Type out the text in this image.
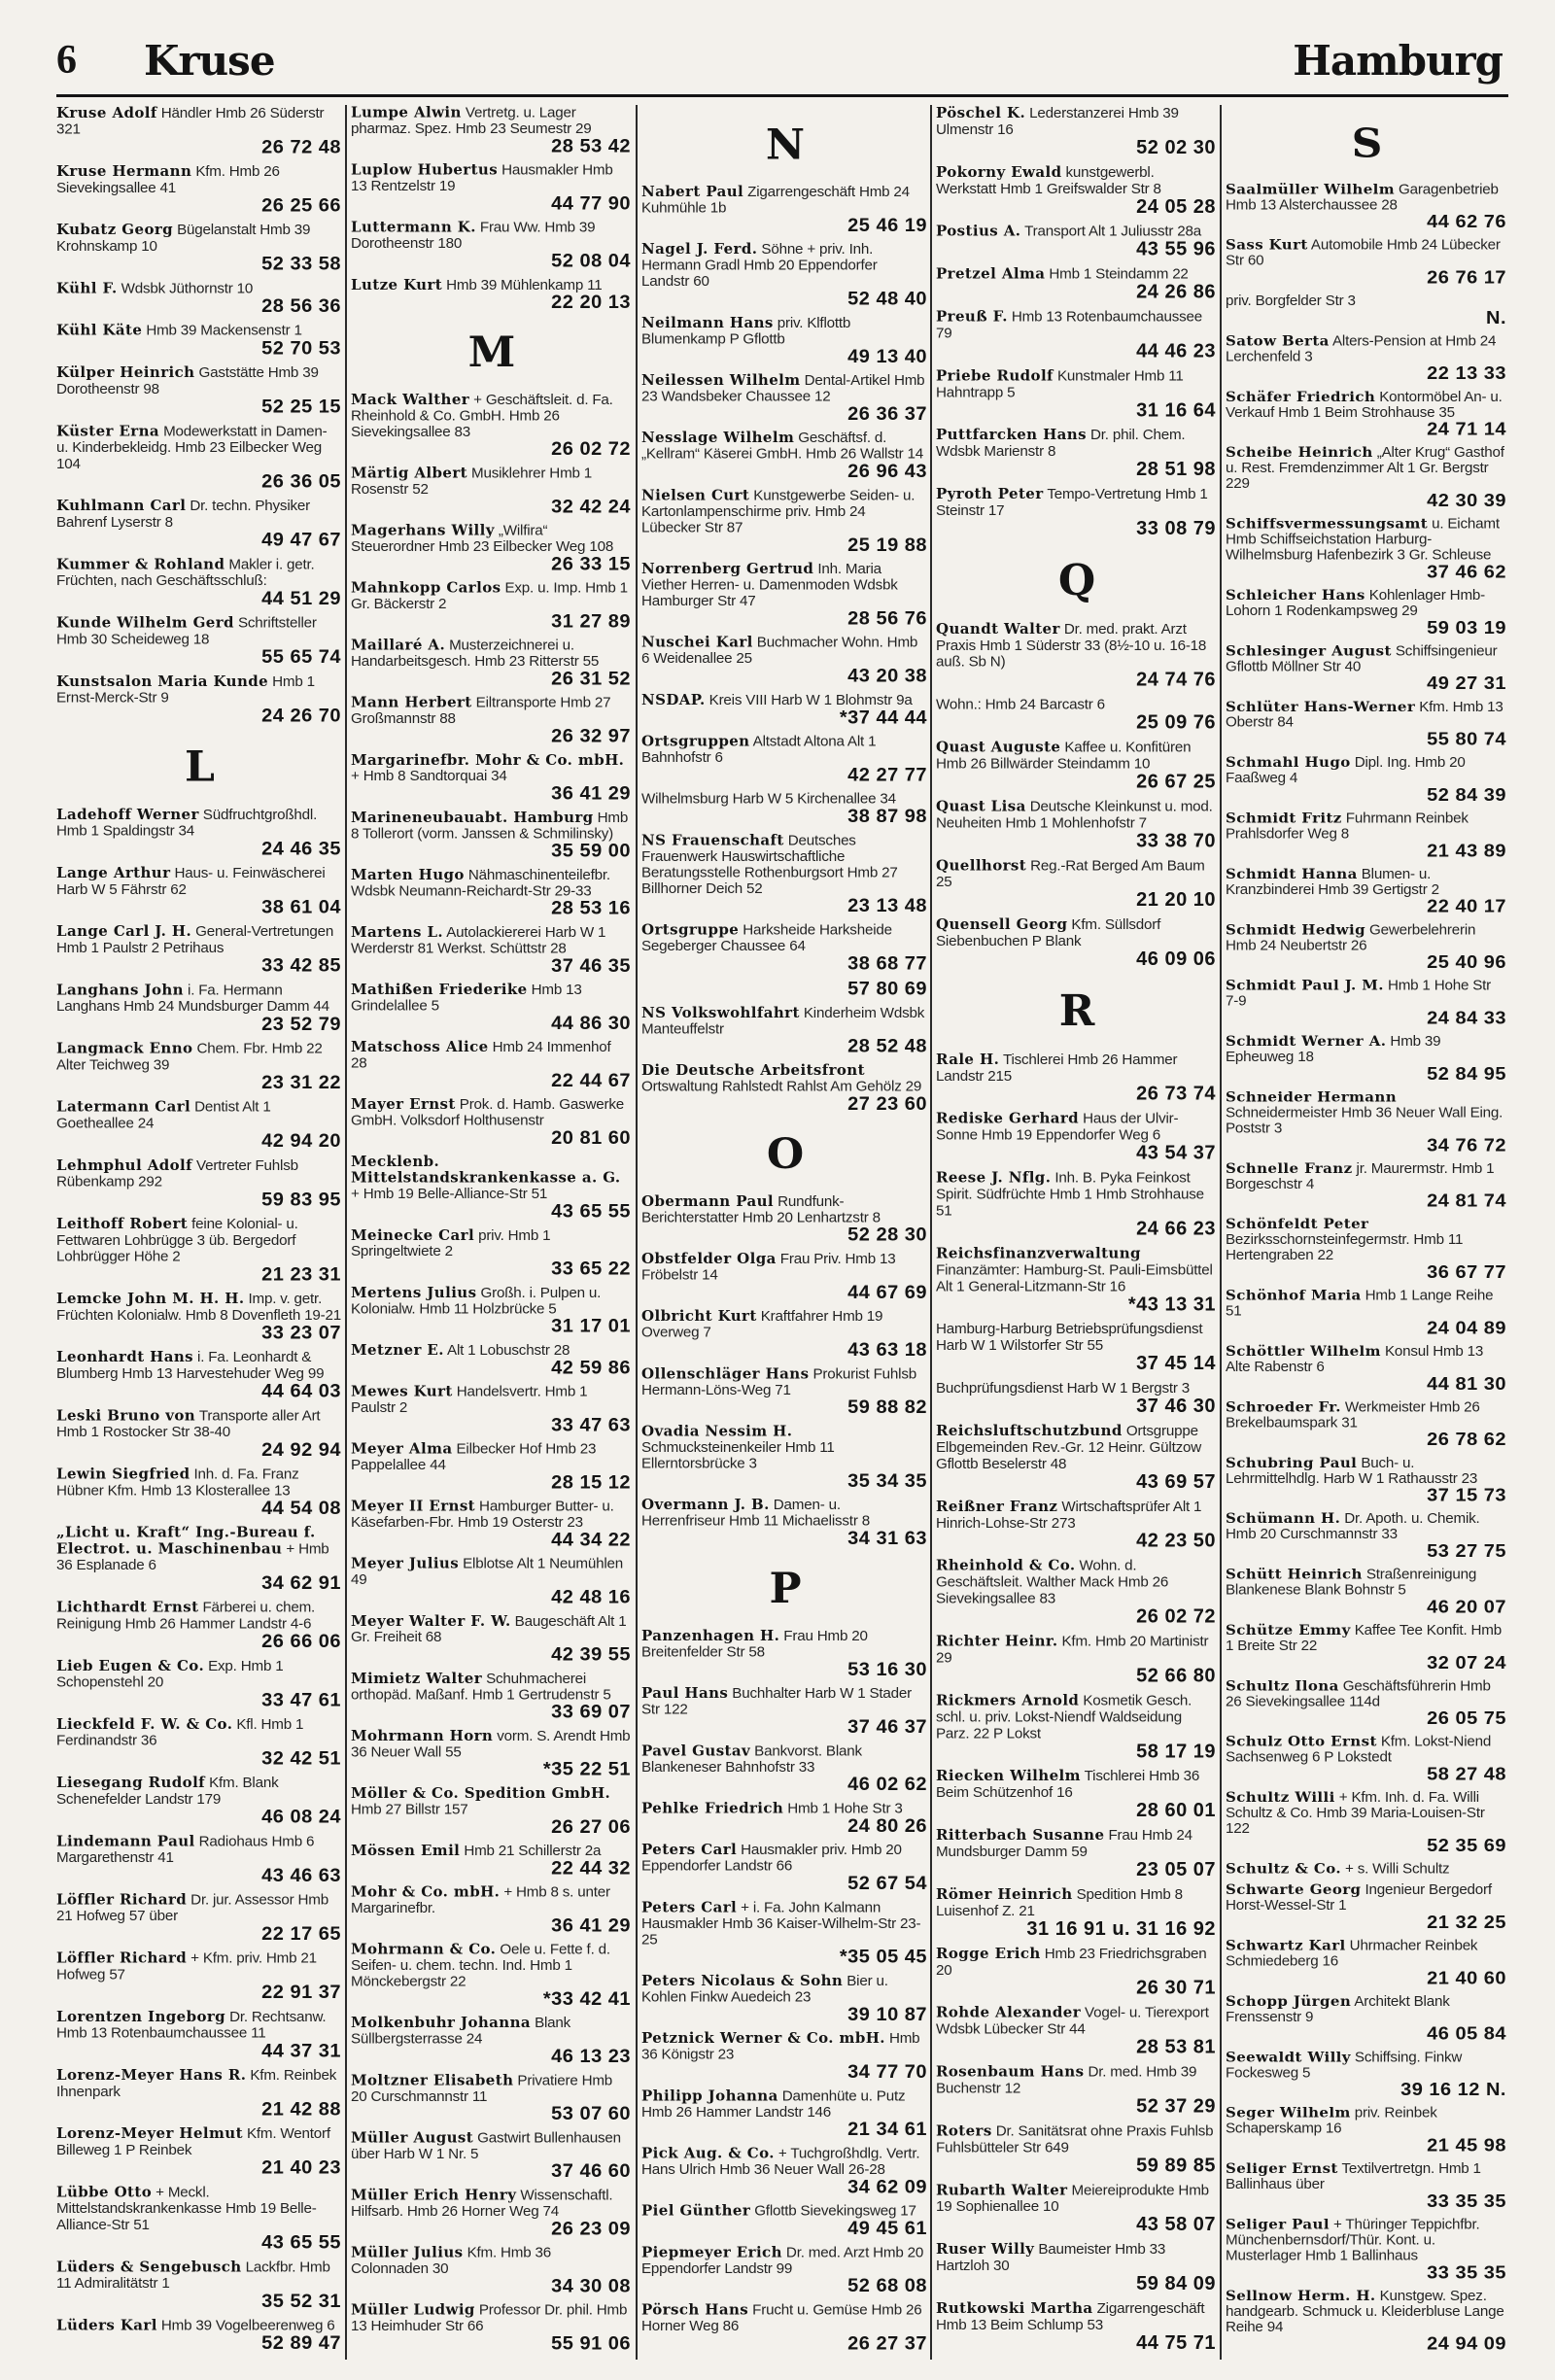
6 Kruse	Hamburg
Kruse Adolf Händler Hmb 26 Süderstr 321
26 72 48
Kruse Hermann Kfm. Hmb 26 Sievekingsallee 41
26 25 66
Kubatz Georg Bügelanstalt Hmb 39 Krohnskamp 10
52 33 58
Kühl F. Wdsbk Jüthornstr 10
28 56 36
Kühl Käte Hmb 39 Mackensenstr 1
52 70 53
Külper Heinrich Gaststätte Hmb 39 Dorotheenstr 98
52 25 15
Küster Erna Modewerkstatt in Damen- u. Kinderbekleidg. Hmb 23 Eilbecker Weg 104
26 36 05
Kuhlmann Carl Dr. techn. Physiker Bahrenf Lyserstr 8
49 47 67
Kummer & Rohland Makler i. getr. Früchten, nach Geschäftsschluß:
44 51 29
Kunde Wilhelm Gerd Schriftsteller Hmb 30 Scheideweg 18
55 65 74
Kunstsalon Maria Kunde Hmb 1 Ernst-Merck-Str 9
24 26 70
L
Ladehoff Werner Südfruchtgroßhdl. Hmb 1 Spaldingstr 34
24 46 35
Lange Arthur Haus- u. Feinwäscherei Harb W 5 Fährstr 62
38 61 04
Lange Carl J. H. General-Vertretungen Hmb 1 Paulstr 2 Petrihaus
33 42 85
Langhans John i. Fa. Hermann Langhans Hmb 24 Mundsburger Damm 44
23 52 79
Langmack Enno Chem. Fbr. Hmb 22 Alter Teichweg 39
23 31 22
Latermann Carl Dentist Alt 1 Goetheallee 24
42 94 20
Lehmphul Adolf Vertreter Fuhlsb Rübenkamp 292
59 83 95
Leithoff Robert feine Kolonial- u. Fettwaren Lohbrügge 3 üb. Bergedorf Lohbrügger Höhe 2
21 23 31
Lemcke John M. H. H. Imp. v. getr. Früchten Kolonialw. Hmb 8 Dovenfleth 19-21
33 23 07
Leonhardt Hans i. Fa. Leonhardt & Blumberg Hmb 13 Harvestehuder Weg 99
44 64 03
Leski Bruno von Transporte aller Art Hmb 1 Rostocker Str 38-40
24 92 94
Lewin Siegfried Inh. d. Fa. Franz Hübner Kfm. Hmb 13 Klosterallee 13
44 54 08
„Licht u. Kraft“ Ing.-Bureau f. Electrot. u. Maschinenbau + Hmb 36 Esplanade 6
34 62 91
Lichthardt Ernst Färberei u. chem. Reinigung Hmb 26 Hammer Landstr 4-6
26 66 06
Lieb Eugen & Co. Exp. Hmb 1 Schopenstehl 20
33 47 61
Lieckfeld F. W. & Co. Kfl. Hmb 1 Ferdinandstr 36
32 42 51
Liesegang Rudolf Kfm. Blank Schenefelder Landstr 179
46 08 24
Lindemann Paul Radiohaus Hmb 6 Margarethenstr 41
43 46 63
Löffler Richard Dr. jur. Assessor Hmb 21 Hofweg 57 über
22 17 65
Löffler Richard + Kfm. priv. Hmb 21 Hofweg 57
22 91 37
Lorentzen Ingeborg Dr. Rechtsanw. Hmb 13 Rotenbaumchaussee 11
44 37 31
Lorenz-Meyer Hans R. Kfm. Reinbek Ihnenpark
21 42 88
Lorenz-Meyer Helmut Kfm. Wentorf Billeweg 1 P Reinbek
21 40 23
Lübbe Otto + Meckl. Mittelstandskrankenkasse Hmb 19 Belle-Alliance-Str 51
43 65 55
Lüders & Sengebusch Lackfbr. Hmb 11 Admiralitätstr 1
35 52 31
Lüders Karl Hmb 39 Vogelbeerenweg 6
52 89 47
Lumpe Alwin Vertretg. u. Lager pharmaz. Spez. Hmb 23 Seumestr 29
28 53 42
Luplow Hubertus Hausmakler Hmb 13 Rentzelstr 19
44 77 90
Luttermann K. Frau Ww. Hmb 39 Dorotheenstr 180
52 08 04
Lutze Kurt Hmb 39 Mühlenkamp 11
22 20 13
M
Mack Walther + Geschäftsleit. d. Fa. Rheinhold & Co. GmbH. Hmb 26 Sievekingsallee 83
26 02 72
Märtig Albert Musiklehrer Hmb 1 Rosenstr 52
32 42 24
Magerhans Willy „Wilfira“ Steuerordner Hmb 23 Eilbecker Weg 108
26 33 15
Mahnkopp Carlos Exp. u. Imp. Hmb 1 Gr. Bäckerstr 2
31 27 89
Maillaré A. Musterzeichnerei u. Handarbeitsgesch. Hmb 23 Ritterstr 55
26 31 52
Mann Herbert Eiltransporte Hmb 27 Großmannstr 88
26 32 97
Margarinefbr. Mohr & Co. mbH. + Hmb 8 Sandtorquai 34
36 41 29
Marineneubauabt. Hamburg Hmb 8 Tollerort (vorm. Janssen & Schmilinsky)
35 59 00
Marten Hugo Nähmaschinenteilefbr. Wdsbk Neumann-Reichardt-Str 29-33
28 53 16
Martens L. Autolackiererei Harb W 1 Werderstr 81 Werkst. Schüttstr 28
37 46 35
Mathißen Friederike Hmb 13 Grindelallee 5
44 86 30
Matschoss Alice Hmb 24 Immenhof 28
22 44 67
Mayer Ernst Prok. d. Hamb. Gaswerke GmbH. Volksdorf Holthusenstr
20 81 60
Mecklenb. Mittelstandskrankenkasse a. G. + Hmb 19 Belle-Alliance-Str 51
43 65 55
Meinecke Carl priv. Hmb 1 Springeltwiete 2
33 65 22
Mertens Julius Großh. i. Pulpen u. Kolonialw. Hmb 11 Holzbrücke 5
31 17 01
Metzner E. Alt 1 Lobuschstr 28
42 59 86
Mewes Kurt Handelsvertr. Hmb 1 Paulstr 2
33 47 63
Meyer Alma Eilbecker Hof Hmb 23 Pappelallee 44
28 15 12
Meyer II Ernst Hamburger Butter- u. Käsefarben-Fbr. Hmb 19 Osterstr 23
44 34 22
Meyer Julius Elblotse Alt 1 Neumühlen 49
42 48 16
Meyer Walter F. W. Baugeschäft Alt 1 Gr. Freiheit 68
42 39 55
Mimietz Walter Schuhmacherei orthopäd. Maßanf. Hmb 1 Gertrudenstr 5
33 69 07
Mohrmann Horn vorm. S. Arendt Hmb 36 Neuer Wall 55
*35 22 51
Möller & Co. Spedition GmbH. Hmb 27 Billstr 157
26 27 06
Mössen Emil Hmb 21 Schillerstr 2a
22 44 32
Mohr & Co. mbH. + Hmb 8 s. unter Margarinefbr.
36 41 29
Mohrmann & Co. Oele u. Fette f. d. Seifen- u. chem. techn. Ind. Hmb 1 Mönckebergstr 22
*33 42 41
Molkenbuhr Johanna Blank Süllbergsterrasse 24
46 13 23
Moltzner Elisabeth Privatiere Hmb 20 Curschmannstr 11
53 07 60
Müller August Gastwirt Bullenhausen über Harb W 1 Nr. 5
37 46 60
Müller Erich Henry Wissenschaftl. Hilfsarb. Hmb 26 Horner Weg 74
26 23 09
Müller Julius Kfm. Hmb 36 Colonnaden 30
34 30 08
Müller Ludwig Professor Dr. phil. Hmb 13 Heimhuder Str 66
55 91 06
N
Nabert Paul Zigarrengeschäft Hmb 24 Kuhmühle 1b
25 46 19
Nagel J. Ferd. Söhne + priv. Inh. Hermann Gradl Hmb 20 Eppendorfer Landstr 60
52 48 40
Neilmann Hans priv. Klflottb Blumenkamp P Gflottb
49 13 40
Neilessen Wilhelm Dental-Artikel Hmb 23 Wandsbeker Chaussee 12
26 36 37
Nesslage Wilhelm Geschäftsf. d. „Kellram“ Käserei GmbH. Hmb 26 Wallstr 14
26 96 43
Nielsen Curt Kunstgewerbe Seiden- u. Kartonlampenschirme priv. Hmb 24 Lübecker Str 87
25 19 88
Norrenberg Gertrud Inh. Maria Viether Herren- u. Damenmoden Wdsbk Hamburger Str 47
28 56 76
Nuschei Karl Buchmacher Wohn. Hmb 6 Weidenallee 25
43 20 38
NSDAP. Kreis VIII Harb W 1 Blohmstr 9a
*37 44 44
Ortsgruppen Altstadt Altona Alt 1 Bahnhofstr 6
42 27 77
Wilhelmsburg Harb W 5 Kirchenallee 34
38 87 98
NS Frauenschaft Deutsches Frauenwerk Hauswirtschaftliche Beratungsstelle Rothenburgsort Hmb 27 Billhorner Deich 52
23 13 48
Ortsgruppe Harksheide Harksheide Segeberger Chaussee 64
38 68 77
57 80 69
NS Volkswohlfahrt Kinderheim Wdsbk Manteuffelstr
28 52 48
Die Deutsche Arbeitsfront Ortswaltung Rahlstedt Rahlst Am Gehölz 29
27 23 60
O
Obermann Paul Rundfunk-Berichterstatter Hmb 20 Lenhartzstr 8
52 28 30
Obstfelder Olga Frau Priv. Hmb 13 Fröbelstr 14
44 67 69
Olbricht Kurt Kraftfahrer Hmb 19 Overweg 7
43 63 18
Ollenschläger Hans Prokurist Fuhlsb Hermann-Löns-Weg 71
59 88 82
Ovadia Nessim H. Schmucksteinenkeiler Hmb 11 Ellerntorsbrücke 3
35 34 35
Overmann J. B. Damen- u. Herrenfriseur Hmb 11 Michaelisstr 8
34 31 63
P
Panzenhagen H. Frau Hmb 20 Breitenfelder Str 58
53 16 30
Paul Hans Buchhalter Harb W 1 Stader Str 122
37 46 37
Pavel Gustav Bankvorst. Blank Blankeneser Bahnhofstr 33
46 02 62
Pehlke Friedrich Hmb 1 Hohe Str 3
24 80 26
Peters Carl Hausmakler priv. Hmb 20 Eppendorfer Landstr 66
52 67 54
Peters Carl + i. Fa. John Kalmann Hausmakler Hmb 36 Kaiser-Wilhelm-Str 23-25
*35 05 45
Peters Nicolaus & Sohn Bier u. Kohlen Finkw Auedeich 23
39 10 87
Petznick Werner & Co. mbH. Hmb 36 Königstr 23
34 77 70
Philipp Johanna Damenhüte u. Putz Hmb 26 Hammer Landstr 146
21 34 61
Pick Aug. & Co. + Tuchgroßhdlg. Vertr. Hans Ulrich Hmb 36 Neuer Wall 26-28
34 62 09
Piel Günther Gflottb Sievekingsweg 17
49 45 61
Piepmeyer Erich Dr. med. Arzt Hmb 20 Eppendorfer Landstr 99
52 68 08
Pörsch Hans Frucht u. Gemüse Hmb 26 Horner Weg 86
26 27 37
Pöschel K. Lederstanzerei Hmb 39 Ulmenstr 16
52 02 30
Pokorny Ewald kunstgewerbl. Werkstatt Hmb 1 Greifswalder Str 8
24 05 28
Postius A. Transport Alt 1 Juliusstr 28a
43 55 96
Pretzel Alma Hmb 1 Steindamm 22
24 26 86
Preuß F. Hmb 13 Rotenbaumchaussee 79
44 46 23
Priebe Rudolf Kunstmaler Hmb 11 Hahntrapp 5
31 16 64
Puttfarcken Hans Dr. phil. Chem. Wdsbk Marienstr 8
28 51 98
Pyroth Peter Tempo-Vertretung Hmb 1 Steinstr 17
33 08 79
Q
Quandt Walter Dr. med. prakt. Arzt Praxis Hmb 1 Süderstr 33 (8½-10 u. 16-18 auß. Sb N)
24 74 76
Wohn.: Hmb 24 Barcastr 6
25 09 76
Quast Auguste Kaffee u. Konfitüren Hmb 26 Billwärder Steindamm 10
26 67 25
Quast Lisa Deutsche Kleinkunst u. mod. Neuheiten Hmb 1 Mohlenhofstr 7
33 38 70
Quellhorst Reg.-Rat Berged Am Baum 25
21 20 10
Quensell Georg Kfm. Süllsdorf Siebenbuchen P Blank
46 09 06
R
Rale H. Tischlerei Hmb 26 Hammer Landstr 215
26 73 74
Rediske Gerhard Haus der Ulvir-Sonne Hmb 19 Eppendorfer Weg 6
43 54 37
Reese J. Nflg. Inh. B. Pyka Feinkost Spirit. Südfrüchte Hmb 1 Hmb Strohhause 51
24 66 23
Reichsfinanzverwaltung Finanzämter: Hamburg-St. Pauli-Eimsbüttel Alt 1 General-Litzmann-Str 16
*43 13 31
Hamburg-Harburg Betriebsprüfungsdienst Harb W 1 Wilstorfer Str 55
37 45 14
Buchprüfungsdienst Harb W 1 Bergstr 3
37 46 30
Reichsluftschutzbund Ortsgruppe Elbgemeinden Rev.-Gr. 12 Heinr. Gültzow Gflottb Beselerstr 48
43 69 57
Reißner Franz Wirtschaftsprüfer Alt 1 Hinrich-Lohse-Str 273
42 23 50
Rheinhold & Co. Wohn. d. Geschäftsleit. Walther Mack Hmb 26 Sievekingsallee 83
26 02 72
Richter Heinr. Kfm. Hmb 20 Martinistr 29
52 66 80
Rickmers Arnold Kosmetik Gesch. schl. u. priv. Lokst-Niendf Waldseidung Parz. 22 P Lokst
58 17 19
Riecken Wilhelm Tischlerei Hmb 36 Beim Schützenhof 16
28 60 01
Ritterbach Susanne Frau Hmb 24 Mundsburger Damm 59
23 05 07
Römer Heinrich Spedition Hmb 8 Luisenhof Z. 21
31 16 91 u. 31 16 92
Rogge Erich Hmb 23 Friedrichsgraben 20
26 30 71
Rohde Alexander Vogel- u. Tierexport Wdsbk Lübecker Str 44
28 53 81
Rosenbaum Hans Dr. med. Hmb 39 Buchenstr 12
52 37 29
Roters Dr. Sanitätsrat ohne Praxis Fuhlsb Fuhlsbütteler Str 649
59 89 85
Rubarth Walter Meiereiprodukte Hmb 19 Sophienallee 10
43 58 07
Ruser Willy Baumeister Hmb 33 Hartzloh 30
59 84 09
Rutkowski Martha Zigarrengeschäft Hmb 13 Beim Schlump 53
44 75 71
S
Saalmüller Wilhelm Garagenbetrieb Hmb 13 Alsterchaussee 28
44 62 76
Sass Kurt Automobile Hmb 24 Lübecker Str 60
26 76 17
priv. Borgfelder Str 3
N.
Satow Berta Alters-Pension at Hmb 24 Lerchenfeld 3
22 13 33
Schäfer Friedrich Kontormöbel An- u. Verkauf Hmb 1 Beim Strohhause 35
24 71 14
Scheibe Heinrich „Alter Krug“ Gasthof u. Rest. Fremdenzimmer Alt 1 Gr. Bergstr 229
42 30 39
Schiffsvermessungsamt u. Eichamt Hmb Schiffseichstation Harburg-Wilhelmsburg Hafenbezirk 3 Gr. Schleuse
37 46 62
Schleicher Hans Kohlenlager Hmb-Lohorn 1 Rodenkampsweg 29
59 03 19
Schlesinger August Schiffsingenieur Gflottb Möllner Str 40
49 27 31
Schlüter Hans-Werner Kfm. Hmb 13 Oberstr 84
55 80 74
Schmahl Hugo Dipl. Ing. Hmb 20 Faaßweg 4
52 84 39
Schmidt Fritz Fuhrmann Reinbek Prahlsdorfer Weg 8
21 43 89
Schmidt Hanna Blumen- u. Kranzbinderei Hmb 39 Gertigstr 2
22 40 17
Schmidt Hedwig Gewerbelehrerin Hmb 24 Neubertstr 26
25 40 96
Schmidt Paul J. M. Hmb 1 Hohe Str 7-9
24 84 33
Schmidt Werner A. Hmb 39 Epheuweg 18
52 84 95
Schneider Hermann Schneidermeister Hmb 36 Neuer Wall Eing. Poststr 3
34 76 72
Schnelle Franz jr. Maurermstr. Hmb 1 Borgeschstr 4
24 81 74
Schönfeldt Peter Bezirksschornsteinfegermstr. Hmb 11 Hertengraben 22
36 67 77
Schönhof Maria Hmb 1 Lange Reihe 51
24 04 89
Schöttler Wilhelm Konsul Hmb 13 Alte Rabenstr 6
44 81 30
Schroeder Fr. Werkmeister Hmb 26 Brekelbaumspark 31
26 78 62
Schubring Paul Buch- u. Lehrmittelhdlg. Harb W 1 Rathausstr 23
37 15 73
Schümann H. Dr. Apoth. u. Chemik. Hmb 20 Curschmannstr 33
53 27 75
Schütt Heinrich Straßenreinigung Blankenese Blank Bohnstr 5
46 20 07
Schütze Emmy Kaffee Tee Konfit. Hmb 1 Breite Str 22
32 07 24
Schultz Ilona Geschäftsführerin Hmb 26 Sievekingsallee 114d
26 05 75
Schulz Otto Ernst Kfm. Lokst-Niend Sachsenweg 6 P Lokstedt
58 27 48
Schultz Willi + Kfm. Inh. d. Fa. Willi Schultz & Co. Hmb 39 Maria-Louisen-Str 122
52 35 69
Schultz & Co. + s. Willi Schultz
Schwarte Georg Ingenieur Bergedorf Horst-Wessel-Str 1
21 32 25
Schwartz Karl Uhrmacher Reinbek Schmiedeberg 16
21 40 60
Schopp Jürgen Architekt Blank Frenssenstr 9
46 05 84
Seewaldt Willy Schiffsing. Finkw Fockesweg 5
39 16 12 N.
Seger Wilhelm priv. Reinbek Schaperskamp 16
21 45 98
Seliger Ernst Textilvertretgn. Hmb 1 Ballinhaus über
33 35 35
Seliger Paul + Thüringer Teppichfbr. Münchenbernsdorf/Thür. Kont. u. Musterlager Hmb 1 Ballinhaus
33 35 35
Sellnow Herm. H. Kunstgew. Spez. handgearb. Schmuck u. Kleiderbluse Lange Reihe 94
24 94 09
